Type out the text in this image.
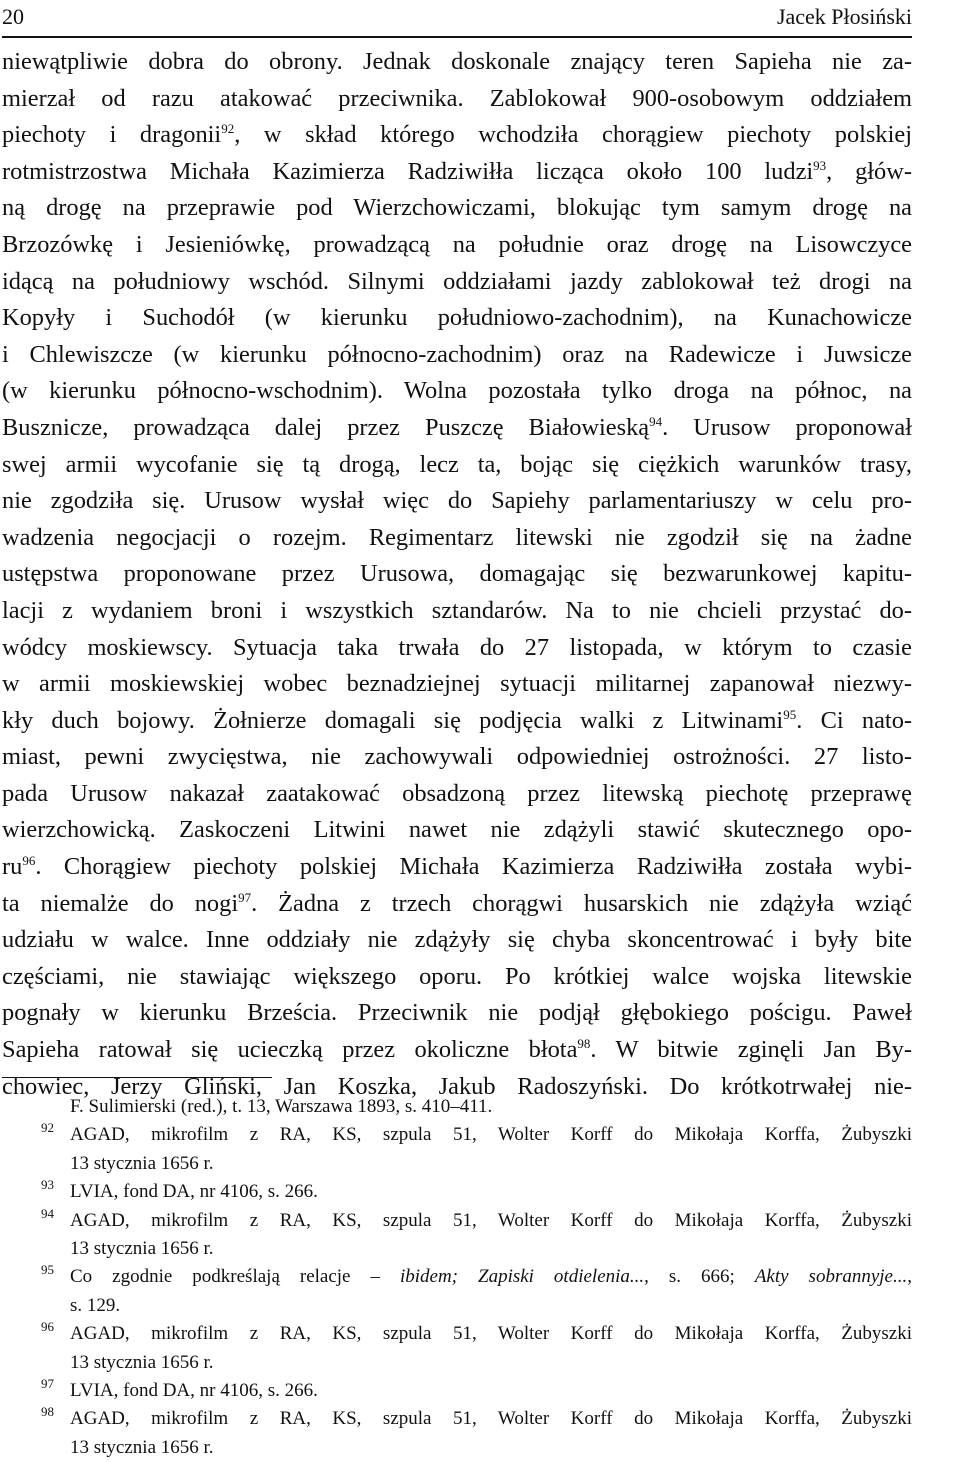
20	Jacek Płosiński
niewątpliwie dobra do obrony. Jednak doskonale znający teren Sapieha nie za-
mierzał od razu atakować przeciwnika. Zablokował 900-osobowym oddziałem
piechoty i dragonii$^{92}$, w skład którego wchodziła chorągiew piechoty polskiej
rotmistrzostwa Michała Kazimierza Radziwiłła licząca około 100 ludzi$^{93}$, głów-
ną drogę na przeprawie pod Wierzchowiczami, blokując tym samym drogę na
Brzozówkę i Jesieniówkę, prowadzącą na południe oraz drogę na Lisowczyce
idącą na południowy wschód. Silnymi oddziałami jazdy zablokował też drogi na
Kopyły i Suchodół (w kierunku południowo-zachodnim), na Kunachowicze
i Chlewiszcze (w kierunku północno-zachodnim) oraz na Radewicze i Juwsicze
(w kierunku północno-wschodnim). Wolna pozostała tylko droga na północ, na
Busznicze, prowadząca dalej przez Puszczę Białowieską$^{94}$. Urusow proponował
swej armii wycofanie się tą drogą, lecz ta, bojąc się ciężkich warunków trasy,
nie zgodziła się. Urusow wysłał więc do Sapiehy parlamentariuszy w celu pro-
wadzenia negocjacji o rozejm. Regimentarz litewski nie zgodził się na żadne
ustępstwa proponowane przez Urusowa, domagając się bezwarunkowej kapitu-
lacji z wydaniem broni i wszystkich sztandarów. Na to nie chcieli przystać do-
wódcy moskiewscy. Sytuacja taka trwała do 27 listopada, w którym to czasie
w armii moskiewskiej wobec beznadziejnej sytuacji militarnej zapanował niezwy-
kły duch bojowy. Żołnierze domagali się podjęcia walki z Litwinami$^{95}$. Ci nato-
miast, pewni zwycięstwa, nie zachowywali odpowiedniej ostrożności. 27 listo-
pada Urusow nakazał zaatakować obsadzoną przez litewską piechotę przeprawę
wierzchowicką. Zaskoczeni Litwini nawet nie zdążyli stawić skutecznego opo-
$ru^{96}$. Chorągiew piechoty polskiej Michała Kazimierza Radziwiłła została wybi-
ta niemalże do nogi$^{97}$. Żadna z trzech chorągwi husarskich nie zdążyła wziąć
udziału w walce. Inne oddziały nie zdążyły się chyba skoncentrować i były bite
częściami, nie stawiając większego oporu. Po krótkiej walce wojska litewskie
pognały w kierunku Brześcia. Przeciwnik nie podjął głębokiego pościgu. Paweł
Sapieha ratował się ucieczką przez okoliczne błota$^{98}$. W bitwie zginęli Jan By-
chowiec, Jerzy Gliński, Jan Koszka, Jakub Radoszyński. Do krótkotrwałej nie-
F. Sulimierski (red.), t. 13, Warszawa 1893, s. 410–411.
92 AGAD, mikrofilm z RA, KS, szpula 51, Wolter Korff do Mikołaja Korffa, Żubyszki
13 stycznia 1656 r.
93 LVIA, fond DA, nr 4106, s. 266.
94 AGAD, mikrofilm z RA, KS, szpula 51, Wolter Korff do Mikołaja Korffa, Żubyszki
13 stycznia 1656 r.
95 Co zgodnie podkreślają relacje – ibidem; Zapiski otdielenia..., s. 666; Akty sobrannyje...,
s. 129.
96 AGAD, mikrofilm z RA, KS, szpula 51, Wolter Korff do Mikołaja Korffa, Żubyszki
13 stycznia 1656 r.
97 LVIA, fond DA, nr 4106, s. 266.
98 AGAD, mikrofilm z RA, KS, szpula 51, Wolter Korff do Mikołaja Korffa, Żubyszki
13 stycznia 1656 r.
